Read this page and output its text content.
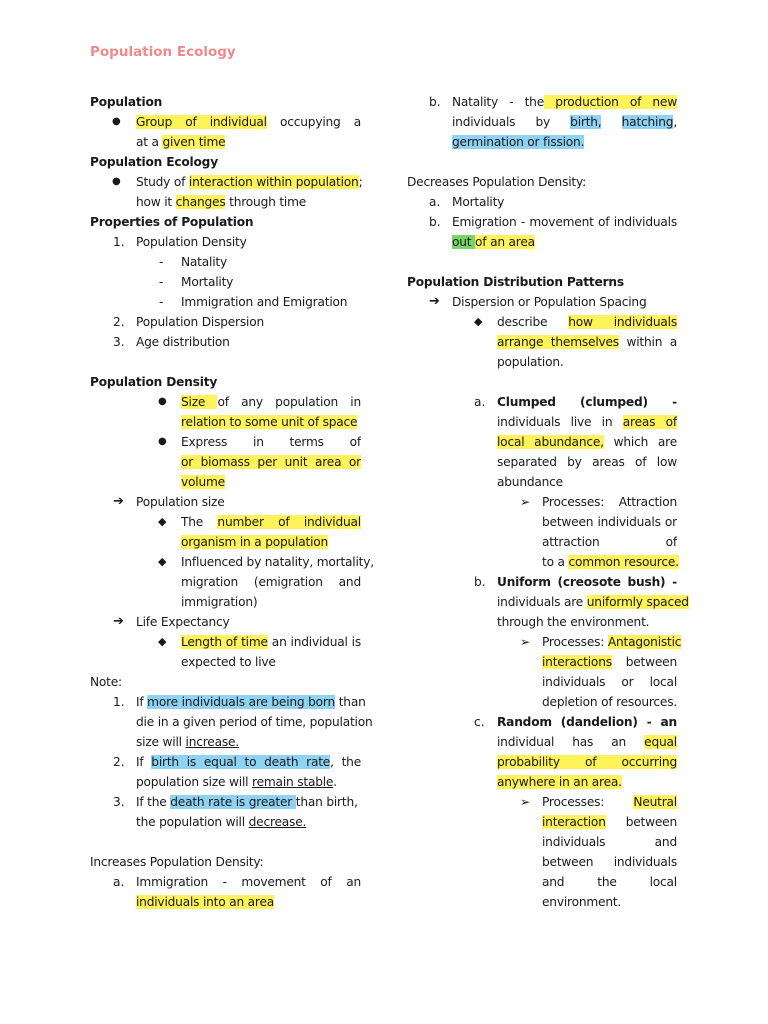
Population Ecology
Population
● Group of individual occupying a
at a given time
Population Ecology
● Study of interaction within population;
how it changes through time
Properties of Population
1. Population Density
- Natality
- Mortality
- Immigration and Emigration
2. Population Dispersion
3. Age distribution
Population Density
● Size of any population in
relation to some unit of space
● Express in terms of
or biomass per unit area or
volume
➔ Population size
◆ The number of individual
organism in a population
◆ Influenced by natality, mortality,
migration (emigration and
immigration)
➔ Life Expectancy
◆ Length of time an individual is
expected to live
Note:
1. If more individuals are being born than
die in a given period of time, population
size will increase.
2. If birth is equal to death rate, the
population size will remain stable.
3. If the death rate is greater than birth,
the population will decrease.
Increases Population Density:
a. Immigration - movement of an
individuals into an area
b. Natality - the production of new
individuals by birth, hatching,
germination or fission.
Decreases Population Density:
a. Mortality
b. Emigration - movement of individuals
out of an area
Population Distribution Patterns
➔ Dispersion or Population Spacing
◆ describe how individuals
arrange themselves within a
population.
a. Clumped (clumped) -
individuals live in areas of
local abundance, which are
separated by areas of low
abundance
➢ Processes: Attraction
between individuals or
attraction of
to a common resource.
b. Uniform (creosote bush) -
individuals are uniformly spaced
through the environment.
➢ Processes: Antagonistic
interactions between
individuals or local
depletion of resources.
c. Random (dandelion) - an
individual has an equal
probability of occurring
anywhere in an area.
➢ Processes: Neutral
interaction between
individuals and
between individuals
and the local
environment.
